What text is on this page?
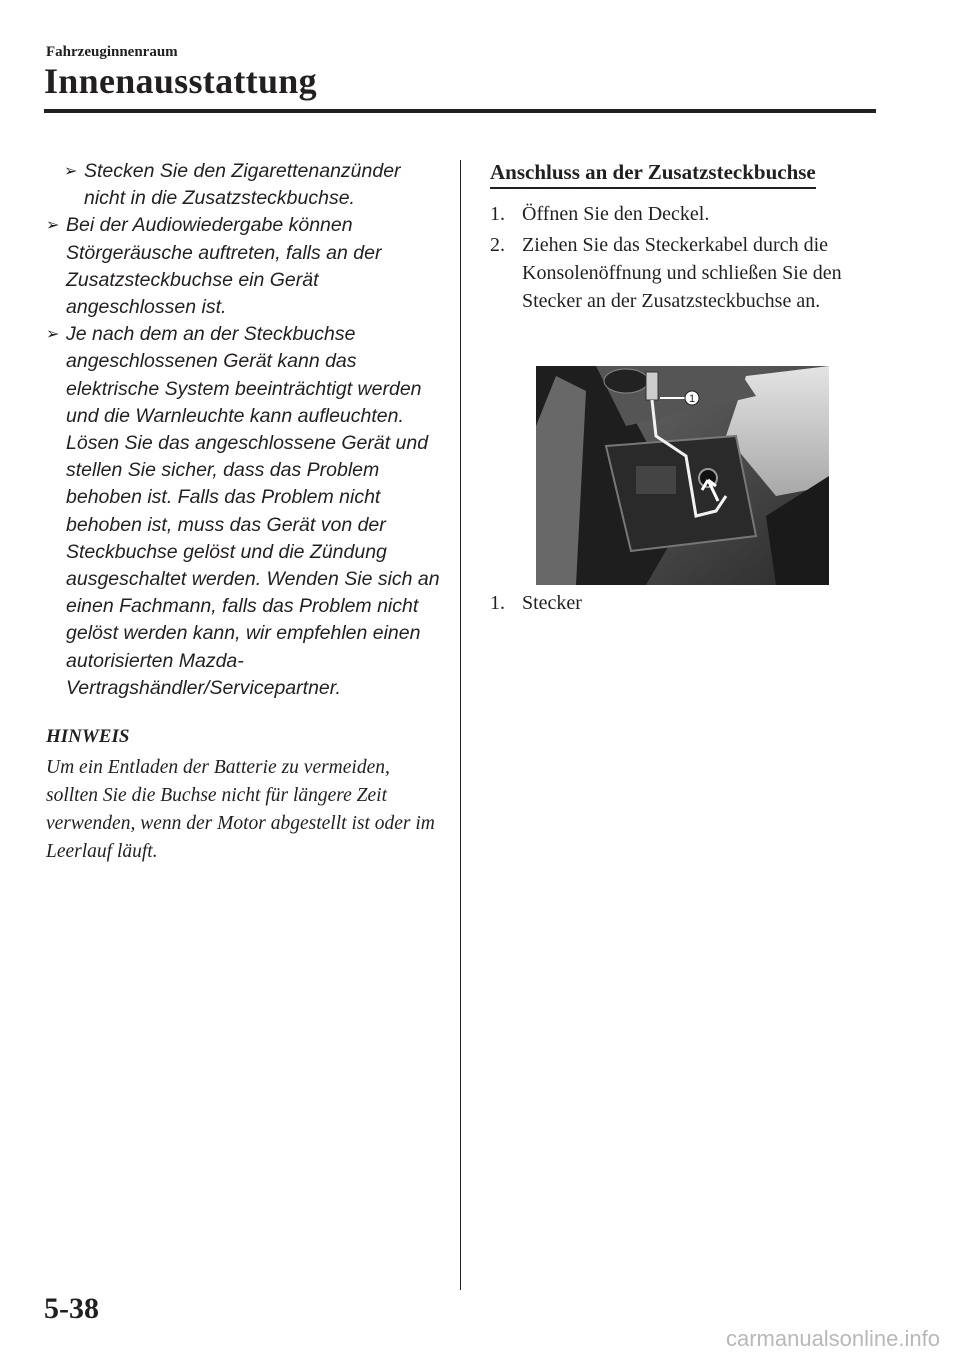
Fahrzeuginnenraum
Innenausstattung
➢ Stecken Sie den Zigarettenanzünder nicht in die Zusatzsteckbuchse.
➢ Bei der Audiowiedergabe können Störgeräusche auftreten, falls an der Zusatzsteckbuchse ein Gerät angeschlossen ist.
➢ Je nach dem an der Steckbuchse angeschlossenen Gerät kann das elektrische System beeinträchtigt werden und die Warnleuchte kann aufleuchten. Lösen Sie das angeschlossene Gerät und stellen Sie sicher, dass das Problem behoben ist. Falls das Problem nicht behoben ist, muss das Gerät von der Steckbuchse gelöst und die Zündung ausgeschaltet werden. Wenden Sie sich an einen Fachmann, falls das Problem nicht gelöst werden kann, wir empfehlen einen autorisierten Mazda-Vertragshändler/Servicepartner.
HINWEIS
Um ein Entladen der Batterie zu vermeiden, sollten Sie die Buchse nicht für längere Zeit verwenden, wenn der Motor abgestellt ist oder im Leerlauf läuft.
Anschluss an der Zusatzsteckbuchse
1. Öffnen Sie den Deckel.
2. Ziehen Sie das Steckerkabel durch die Konsolenöffnung und schließen Sie den Stecker an der Zusatzsteckbuchse an.
1
1. Stecker
5-38
carmanualsonline.info
